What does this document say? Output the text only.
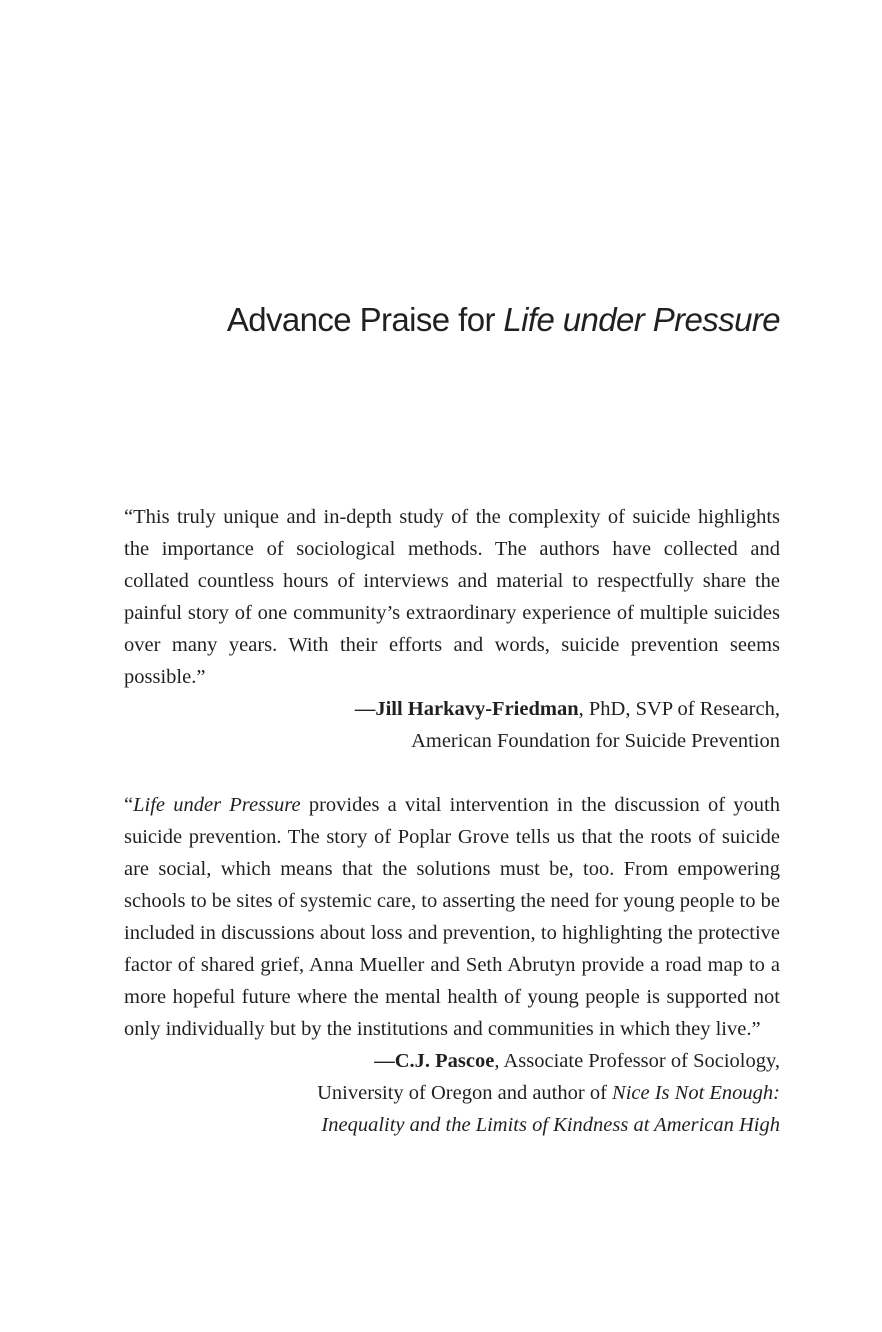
Advance Praise for Life under Pressure

“This truly unique and in-depth study of the complexity of suicide highlights the importance of sociological methods. The authors have collected and collated countless hours of interviews and material to respectfully share the painful story of one community’s extraordinary experience of multiple suicides over many years. With their efforts and words, suicide prevention seems possible.”

—Jill Harkavy-Friedman, PhD, SVP of Research,
American Foundation for Suicide Prevention

“Life under Pressure provides a vital intervention in the discussion of youth suicide prevention. The story of Poplar Grove tells us that the roots of suicide are social, which means that the solutions must be, too. From empowering schools to be sites of systemic care, to asserting the need for young people to be included in discussions about loss and prevention, to highlighting the protective factor of shared grief, Anna Mueller and Seth Abrutyn provide a road map to a more hopeful future where the mental health of young people is supported not only individually but by the institutions and communities in which they live.”

—C.J. Pascoe, Associate Professor of Sociology,
University of Oregon and author of Nice Is Not Enough:
Inequality and the Limits of Kindness at American High
